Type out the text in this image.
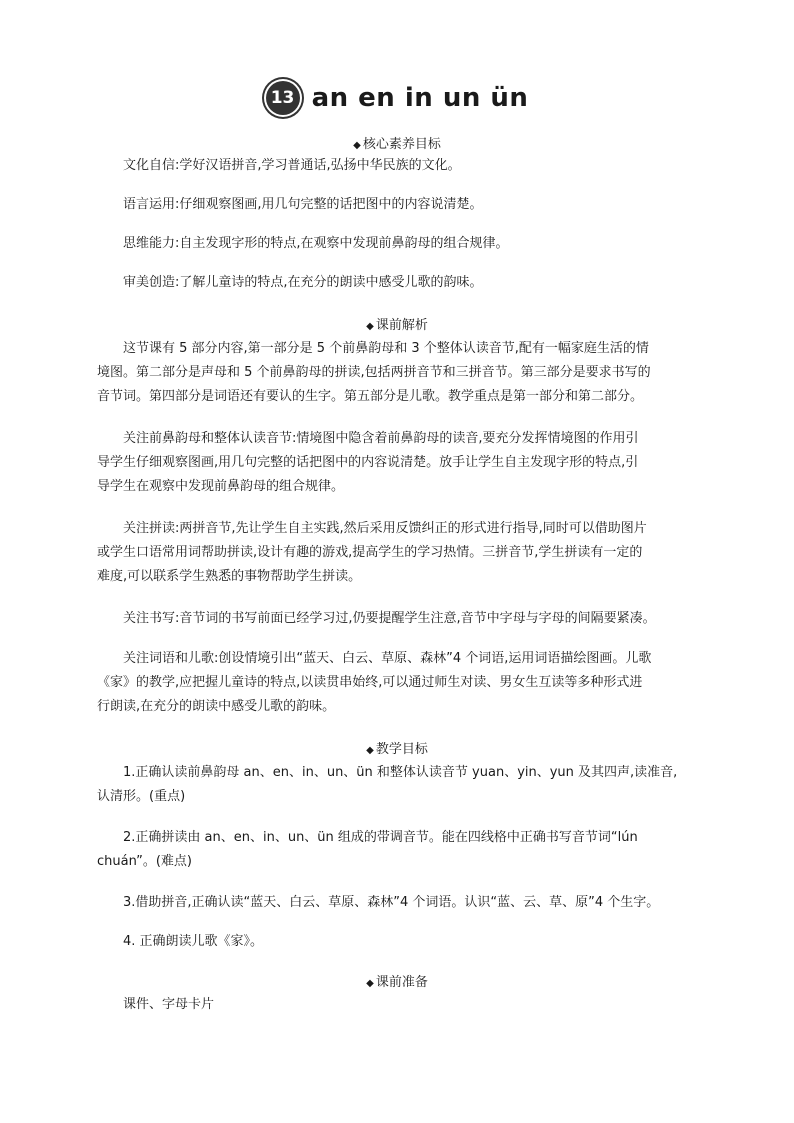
13 an en in un ün
◆ 核心素养目标
文化自信:学好汉语拼音,学习普通话,弘扬中华民族的文化。
语言运用:仔细观察图画,用几句完整的话把图中的内容说清楚。
思维能力:自主发现字形的特点,在观察中发现前鼻韵母的组合规律。
审美创造:了解儿童诗的特点,在充分的朗读中感受儿歌的韵味。
◆ 课前解析
这节课有 5 部分内容,第一部分是 5 个前鼻韵母和 3 个整体认读音节,配有一幅家庭生活的情
境图。第二部分是声母和 5 个前鼻韵母的拼读,包括两拼音节和三拼音节。第三部分是要求书写的
音节词。第四部分是词语还有要认的生字。第五部分是儿歌。教学重点是第一部分和第二部分。
关注前鼻韵母和整体认读音节:情境图中隐含着前鼻韵母的读音,要充分发挥情境图的作用引
导学生仔细观察图画,用几句完整的话把图中的内容说清楚。放手让学生自主发现字形的特点,引
导学生在观察中发现前鼻韵母的组合规律。
关注拼读:两拼音节,先让学生自主实践,然后采用反馈纠正的形式进行指导,同时可以借助图片
或学生口语常用词帮助拼读,设计有趣的游戏,提高学生的学习热情。三拼音节,学生拼读有一定的
难度,可以联系学生熟悉的事物帮助学生拼读。
关注书写:音节词的书写前面已经学习过,仍要提醒学生注意,音节中字母与字母的间隔要紧凑。
关注词语和儿歌:创设情境引出“蓝天、白云、草原、森林”4 个词语,运用词语描绘图画。儿歌
《家》的教学,应把握儿童诗的特点,以读贯串始终,可以通过师生对读、男女生互读等多种形式进
行朗读,在充分的朗读中感受儿歌的韵味。
◆ 教学目标
1.正确认读前鼻韵母 an、en、in、un、ün 和整体认读音节 yuan、yin、yun 及其四声,读准音,
认清形。(重点)
2.正确拼读由 an、en、in、un、ün 组成的带调音节。能在四线格中正确书写音节词“lún
chuán”。(难点)
3.借助拼音,正确认读“蓝天、白云、草原、森林”4 个词语。认识“蓝、云、草、原”4 个生字。
4. 正确朗读儿歌《家》。
◆ 课前准备
课件、字母卡片
